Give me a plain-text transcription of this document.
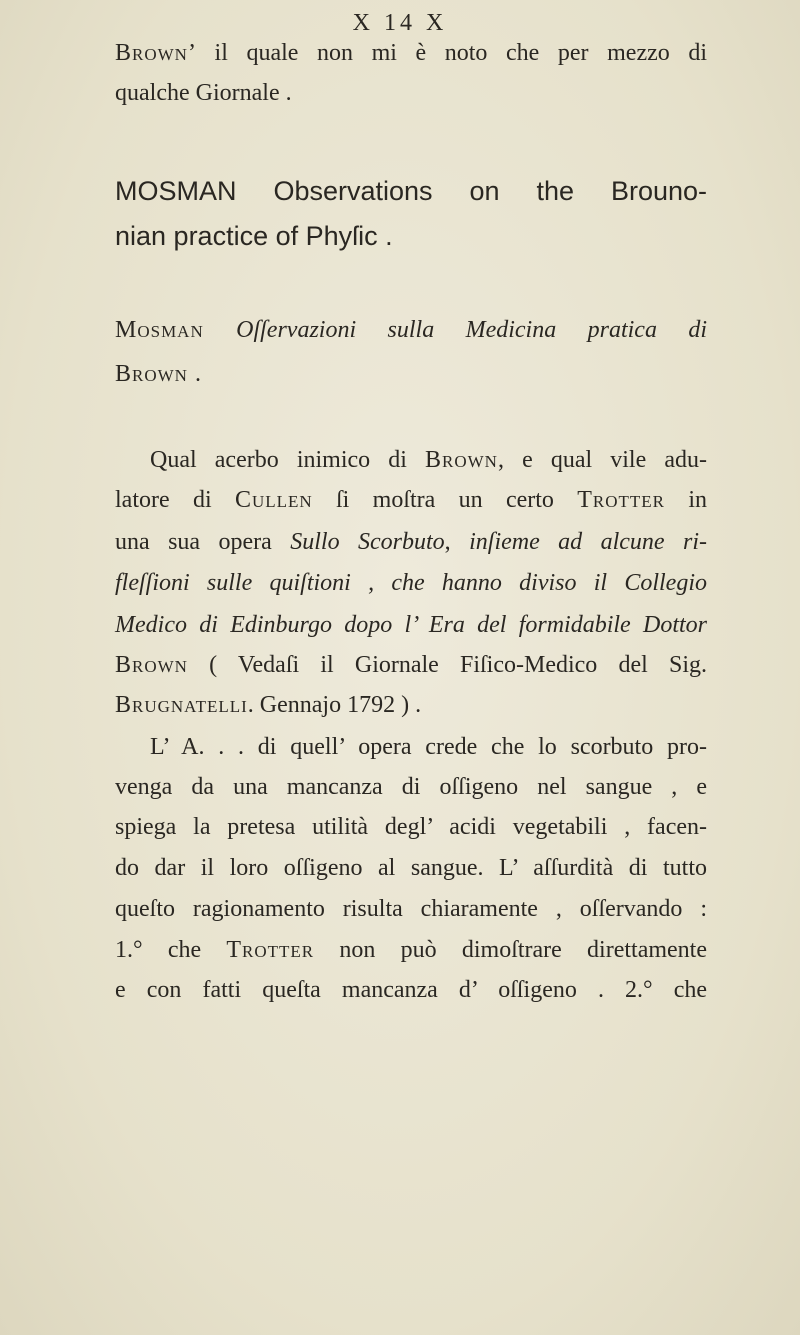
X 14 X
Brownʼ il quale non mi è noto che per mezzo di
qualche Giornale .
MOSMAN Observations on the Brouno-
nian practice of Phyſic .
Mosman Oſſervazioni sulla Medicina pratica di
Brown .
Qual acerbo inimico di Brown, e qual vile adu-
latore di Cullen ſi moſtra un certo Trotter in
una sua opera Sullo Scorbuto, inſieme ad alcune ri-
fleſſioni sulle quiſtioni , che hanno diviso il Collegio
Medico di Edinburgo dopo l’ Era del formidabile Dottor
Brown ( Vedaſi il Giornale Fiſico-Medico del Sig.
Brugnatelli. Gennajo 1792 ) .
L’ A. . . di quell’ opera crede che lo scorbuto pro-
venga da una mancanza di oſſigeno nel sangue , e
spiega la pretesa utilità degl’ acidi vegetabili , facen-
do dar il loro oſſigeno al sangue. L’ aſſurdità di tutto
queſto ragionamento risulta chiaramente , oſſervando :
1.° che Trotter non può dimoſtrare direttamente
e con fatti queſta mancanza d’ oſſigeno . 2.° che
